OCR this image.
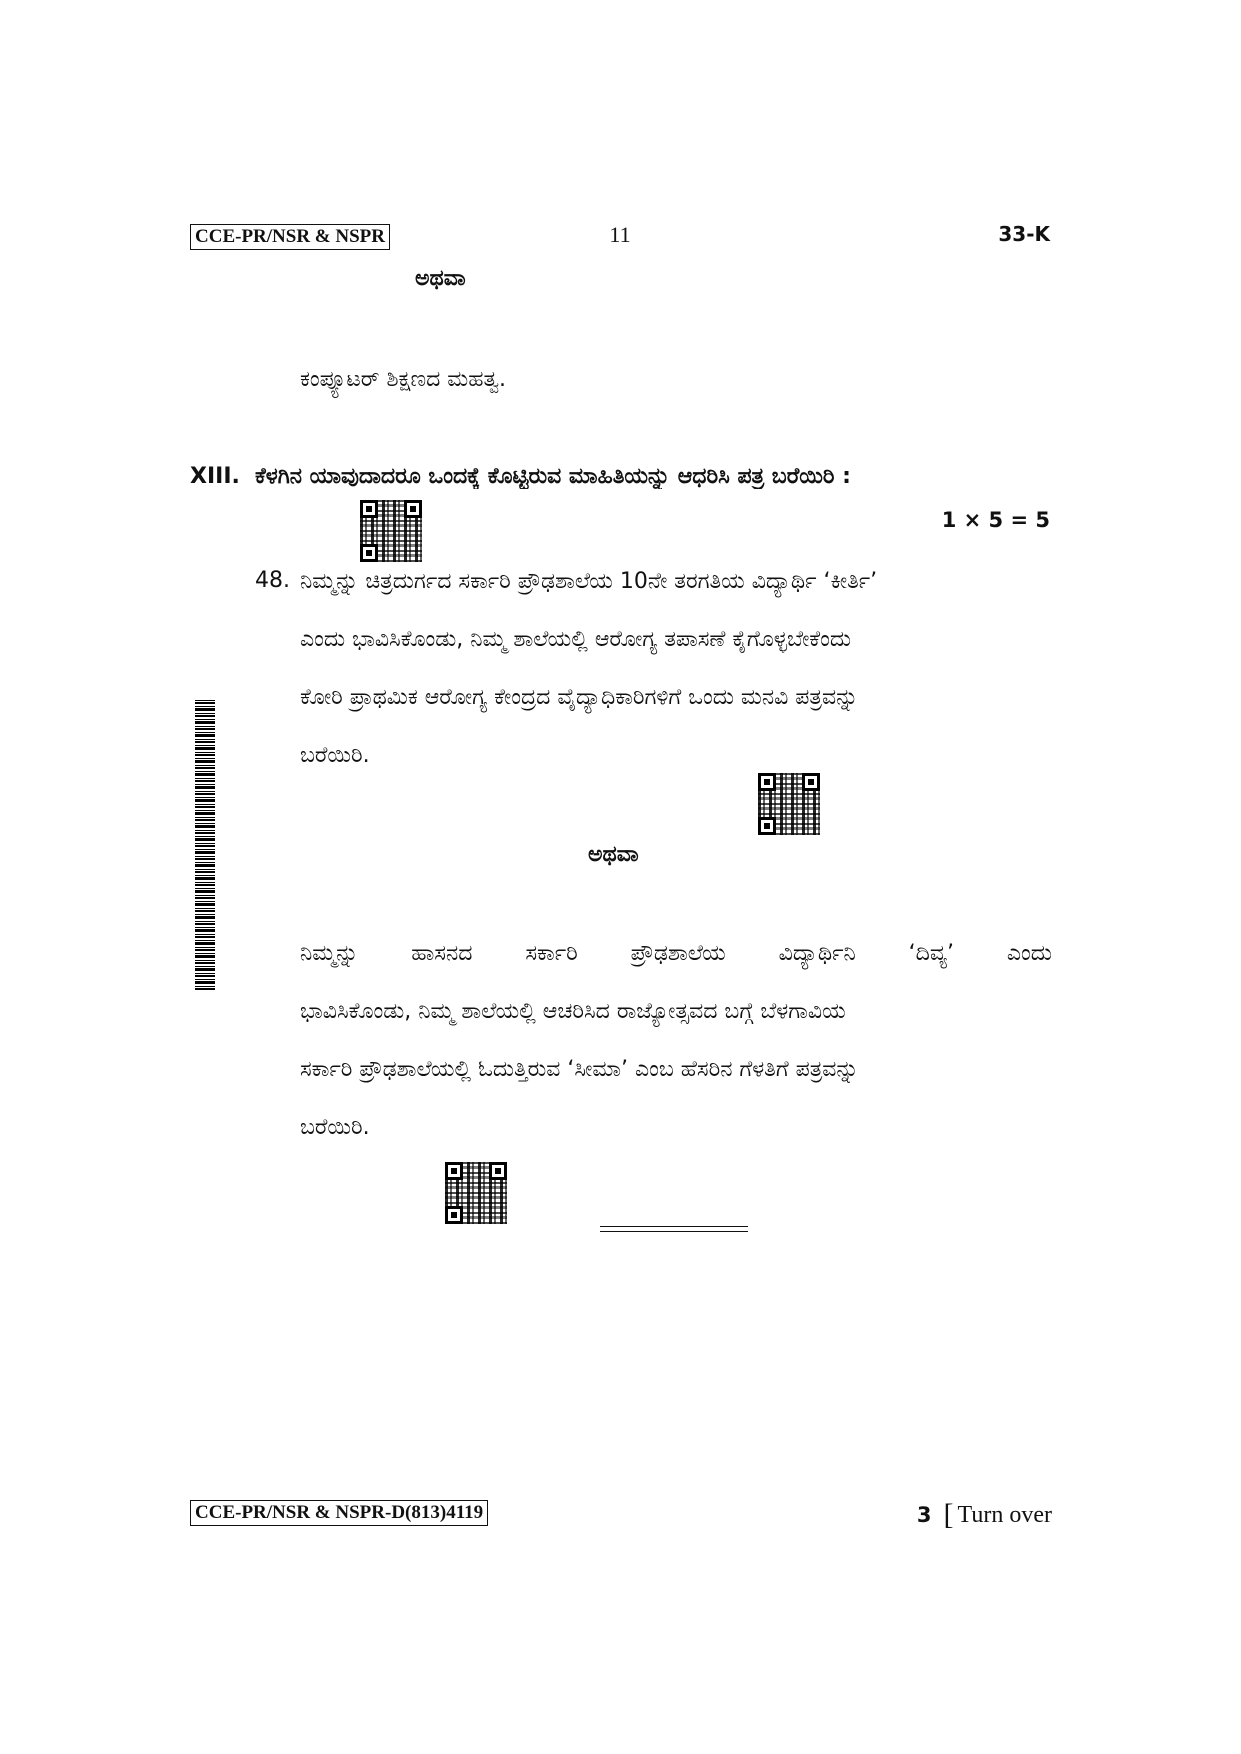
CCE-PR/NSR & NSPR	11	33-K
ಅಥವಾ
ಕಂಪ್ಯೂಟರ್ ಶಿಕ್ಷಣದ ಮಹತ್ವ.
XIII. ಕೆಳಗಿನ ಯಾವುದಾದರೂ ಒಂದಕ್ಕೆ ಕೊಟ್ಟಿರುವ ಮಾಹಿತಿಯನ್ನು ಆಧರಿಸಿ ಪತ್ರ ಬರೆಯಿರಿ :
1 × 5 = 5
48. ನಿಮ್ಮನ್ನು ಚಿತ್ರದುರ್ಗದ ಸರ್ಕಾರಿ ಪ್ರೌಢಶಾಲೆಯ 10ನೇ ತರಗತಿಯ ವಿದ್ಯಾರ್ಥಿ ‘ಕೀರ್ತಿ’
ಎಂದು ಭಾವಿಸಿಕೊಂಡು, ನಿಮ್ಮ ಶಾಲೆಯಲ್ಲಿ ಆರೋಗ್ಯ ತಪಾಸಣೆ ಕೈಗೊಳ್ಳಬೇಕೆಂದು
ಕೋರಿ ಪ್ರಾಥಮಿಕ ಆರೋಗ್ಯ ಕೇಂದ್ರದ ವೈದ್ಯಾಧಿಕಾರಿಗಳಿಗೆ ಒಂದು ಮನವಿ ಪತ್ರವನ್ನು
ಬರೆಯಿರಿ.
ಅಥವಾ
ನಿಮ್ಮನ್ನು ಹಾಸನದ ಸರ್ಕಾರಿ ಪ್ರೌಢಶಾಲೆಯ ವಿದ್ಯಾರ್ಥಿನಿ ‘ದಿವ್ಯ’ ಎಂದು
ಭಾವಿಸಿಕೊಂಡು, ನಿಮ್ಮ ಶಾಲೆಯಲ್ಲಿ ಆಚರಿಸಿದ ರಾಜ್ಯೋತ್ಸವದ ಬಗ್ಗೆ ಬೆಳಗಾವಿಯ
ಸರ್ಕಾರಿ ಪ್ರೌಢಶಾಲೆಯಲ್ಲಿ ಓದುತ್ತಿರುವ ‘ಸೀಮಾ’ ಎಂಬ ಹೆಸರಿನ ಗೆಳತಿಗೆ ಪತ್ರವನ್ನು
ಬರೆಯಿರಿ.
CCE-PR/NSR & NSPR-D(813)4119	3 [ Turn over
